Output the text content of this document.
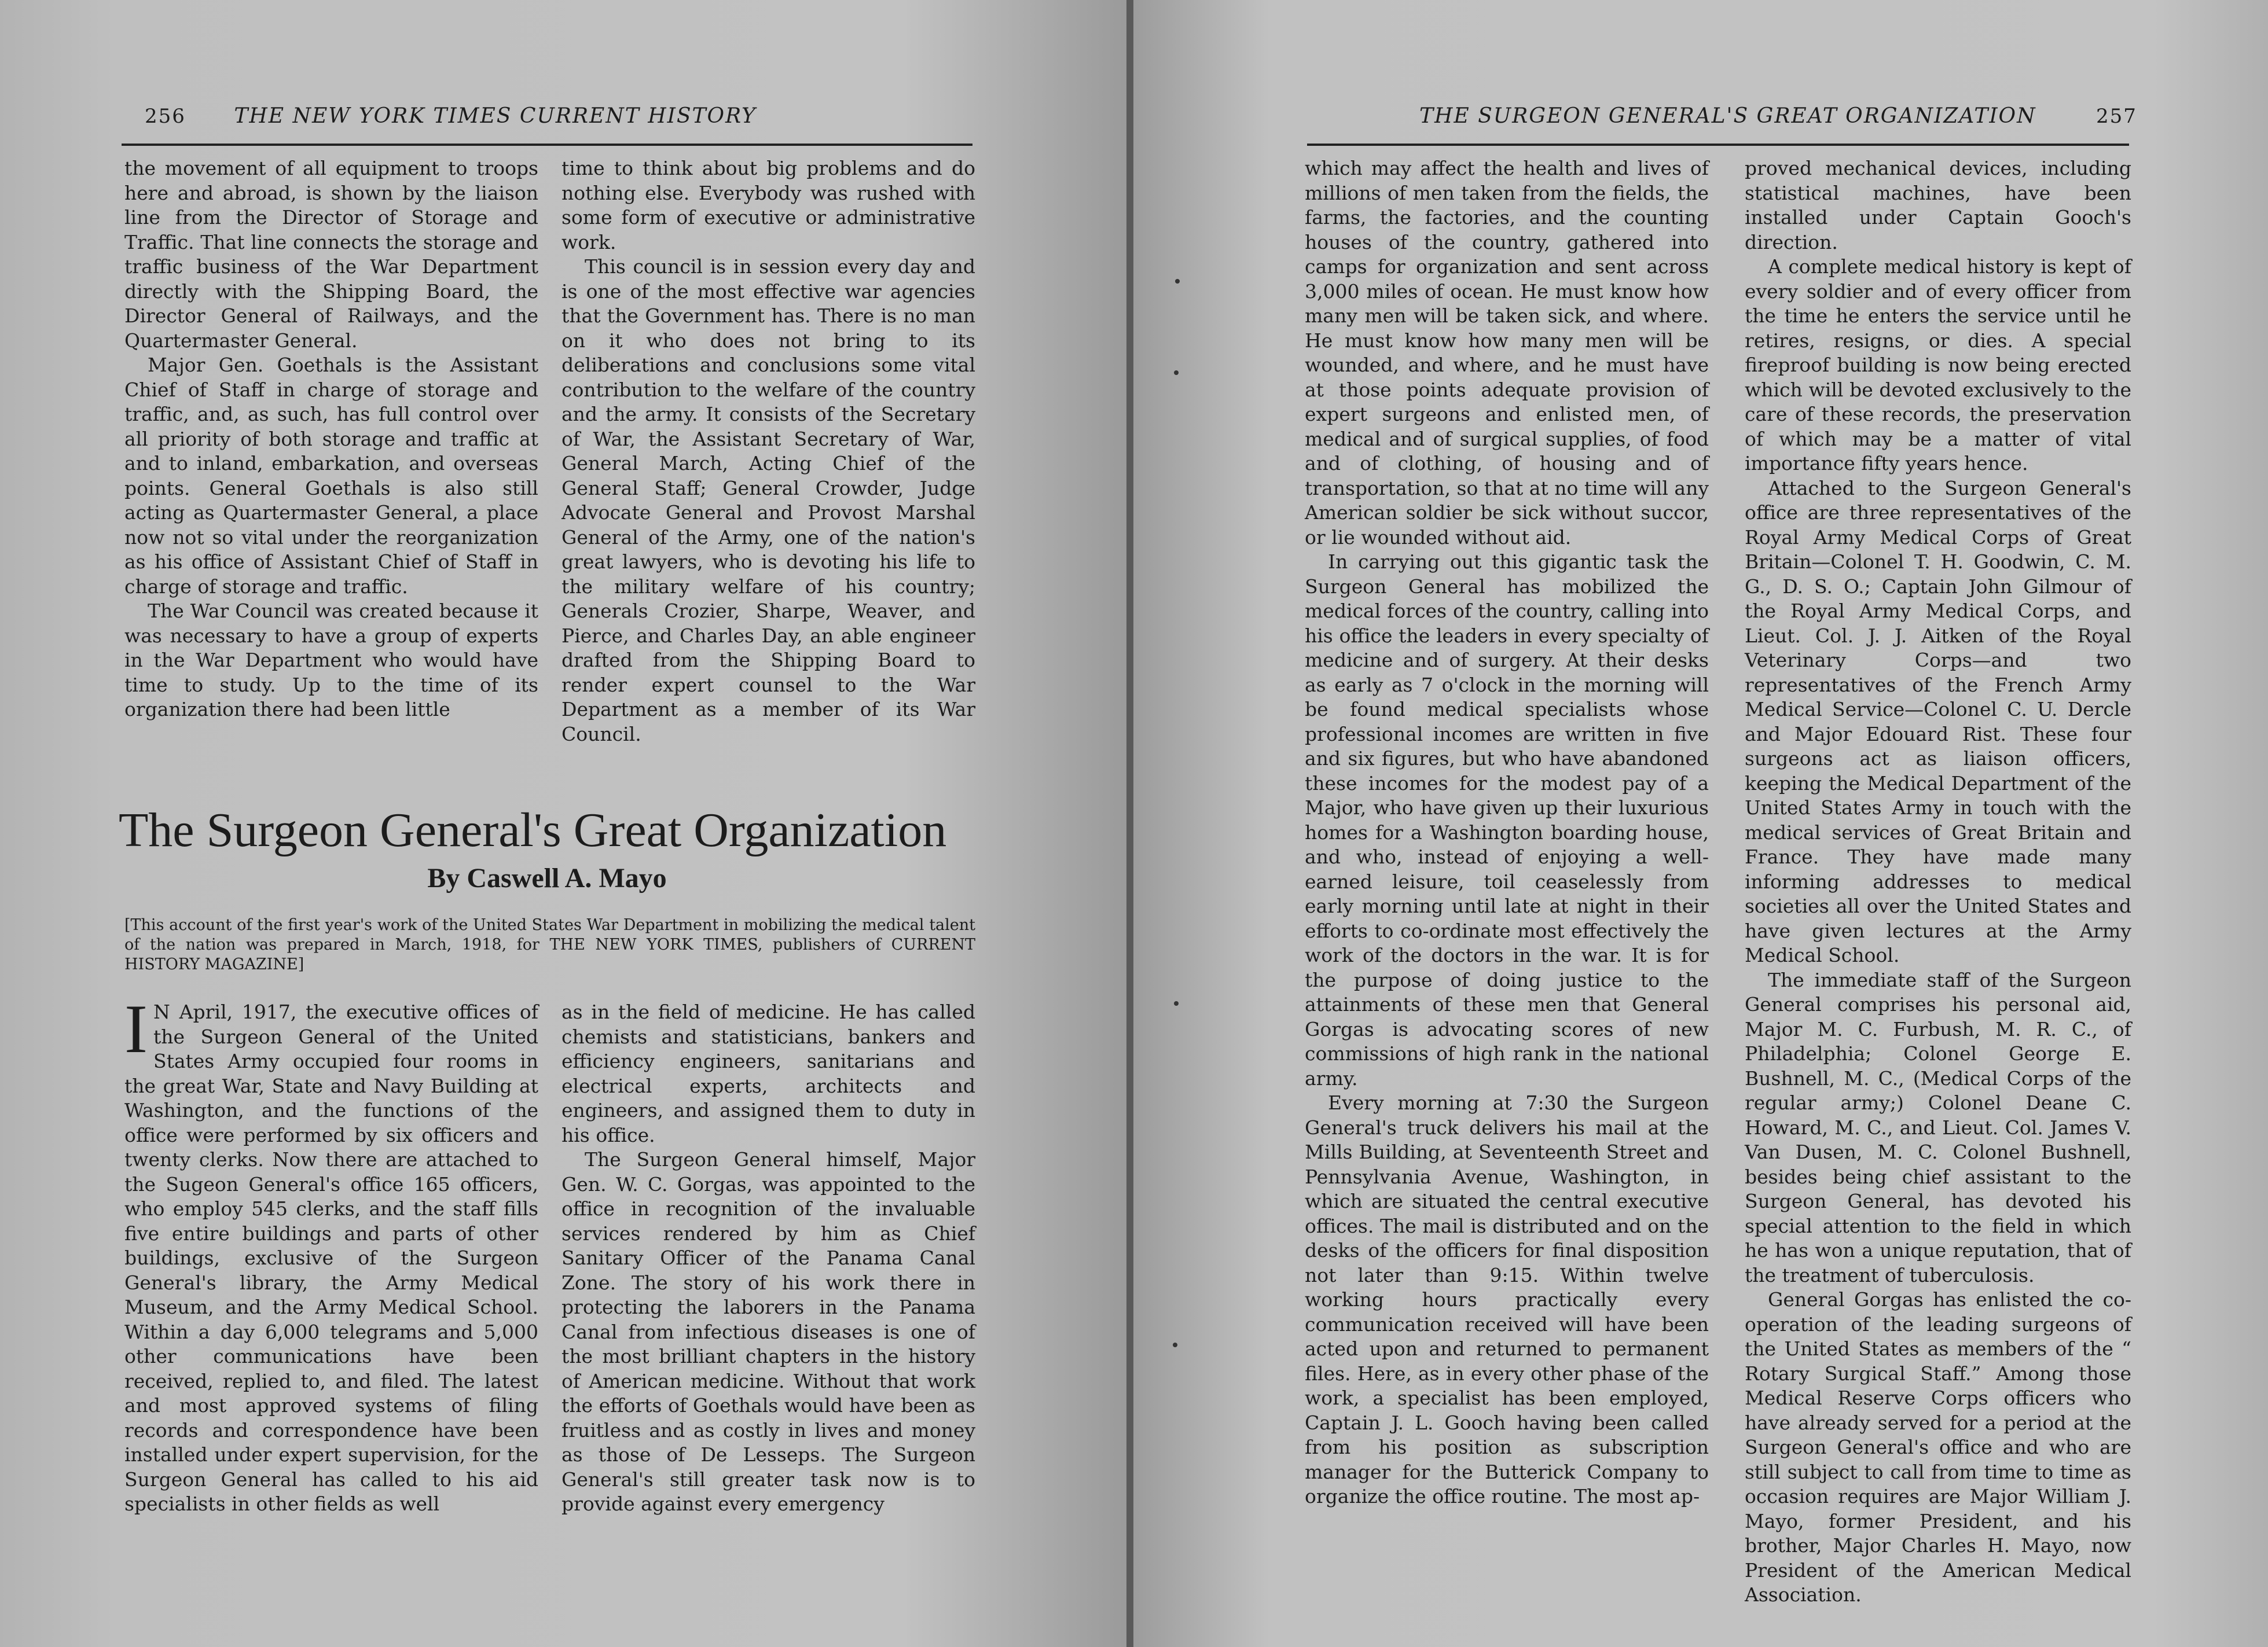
256 THE NEW YORK TIMES CURRENT HISTORY

the movement of all equipment to troops here and abroad, is shown by the liaison line from the Director of Storage and Traffic. That line connects the storage and traffic business of the War Department directly with the Shipping Board, the Director General of Railways, and the Quartermaster General.

Major Gen. Goethals is the Assistant Chief of Staff in charge of storage and traffic, and, as such, has full control over all priority of both storage and traffic at and to inland, embarkation, and overseas points. General Goethals is also still acting as Quartermaster General, a place now not so vital under the reorganization as his office of Assistant Chief of Staff in charge of storage and traffic.

The War Council was created because it was necessary to have a group of experts in the War Department who would have time to study. Up to the time of its organization there had been little

time to think about big problems and do nothing else. Everybody was rushed with some form of executive or administrative work.

This council is in session every day and is one of the most effective war agencies that the Government has. There is no man on it who does not bring to its deliberations and conclusions some vital contribution to the welfare of the country and the army. It consists of the Secretary of War, the Assistant Secretary of War, General March, Acting Chief of the General Staff; General Crowder, Judge Advocate General and Provost Marshal General of the Army, one of the nation's great lawyers, who is devoting his life to the military welfare of his country; Generals Crozier, Sharpe, Weaver, and Pierce, and Charles Day, an able engineer drafted from the Shipping Board to render expert counsel to the War Department as a member of its War Council.

The Surgeon General's Great Organization
By Caswell A. Mayo
[This account of the first year's work of the United States War Department in mobilizing the medical talent of the nation was prepared in March, 1918, for THE NEW YORK TIMES, publishers of CURRENT HISTORY MAGAZINE]

I N April, 1917, the executive offices of the Surgeon General of the United States Army occupied four rooms in the great War, State and Navy Building at Washington, and the functions of the office were performed by six officers and twenty clerks. Now there are attached to the Sugeon General's office 165 officers, who employ 545 clerks, and the staff fills five entire buildings and parts of other buildings, exclusive of the Surgeon General's library, the Army Medical Museum, and the Army Medical School. Within a day 6,000 telegrams and 5,000 other communications have been received, replied to, and filed. The latest and most approved systems of filing records and correspondence have been installed under expert supervision, for the Surgeon General has called to his aid specialists in other fields as well

as in the field of medicine. He has called chemists and statisticians, bankers and efficiency engineers, sanitarians and electrical experts, architects and engineers, and assigned them to duty in his office.

The Surgeon General himself, Major Gen. W. C. Gorgas, was appointed to the office in recognition of the invaluable services rendered by him as Chief Sanitary Officer of the Panama Canal Zone. The story of his work there in protecting the laborers in the Panama Canal from infectious diseases is one of the most brilliant chapters in the history of American medicine. Without that work the efforts of Goethals would have been as fruitless and as costly in lives and money as those of De Lesseps. The Surgeon General's still greater task now is to provide against every emergency

THE SURGEON GENERAL'S GREAT ORGANIZATION	257

which may affect the health and lives of millions of men taken from the fields, the farms, the factories, and the counting houses of the country, gathered into camps for organization and sent across 3,000 miles of ocean. He must know how many men will be taken sick, and where. He must know how many men will be wounded, and where, and he must have at those points adequate provision of expert surgeons and enlisted men, of medical and of surgical supplies, of food and of clothing, of housing and of transportation, so that at no time will any American soldier be sick without succor, or lie wounded without aid.

In carrying out this gigantic task the Surgeon General has mobilized the medical forces of the country, calling into his office the leaders in every specialty of medicine and of surgery. At their desks as early as 7 o'clock in the morning will be found medical specialists whose professional incomes are written in five and six figures, but who have abandoned these incomes for the modest pay of a Major, who have given up their luxurious homes for a Washington boarding house, and who, instead of enjoying a well-earned leisure, toil ceaselessly from early morning until late at night in their efforts to co-ordinate most effectively the work of the doctors in the war. It is for the purpose of doing justice to the attainments of these men that General Gorgas is advocating scores of new commissions of high rank in the national army.

Every morning at 7:30 the Surgeon General's truck delivers his mail at the Mills Building, at Seventeenth Street and Pennsylvania Avenue, Washington, in which are situated the central executive offices. The mail is distributed and on the desks of the officers for final disposition not later than 9:15. Within twelve working hours practically every communication received will have been acted upon and returned to permanent files. Here, as in every other phase of the work, a specialist has been employed, Captain J. L. Gooch having been called from his position as subscription manager for the Butterick Company to organize the office routine. The most ap-

proved mechanical devices, including statistical machines, have been installed under Captain Gooch's direction.

A complete medical history is kept of every soldier and of every officer from the time he enters the service until he retires, resigns, or dies. A special fireproof building is now being erected which will be devoted exclusively to the care of these records, the preservation of which may be a matter of vital importance fifty years hence.

Attached to the Surgeon General's office are three representatives of the Royal Army Medical Corps of Great Britain—Colonel T. H. Goodwin, C. M. G., D. S. O.; Captain John Gilmour of the Royal Army Medical Corps, and Lieut. Col. J. J. Aitken of the Royal Veterinary Corps—and two representatives of the French Army Medical Service—Colonel C. U. Dercle and Major Edouard Rist. These four surgeons act as liaison officers, keeping the Medical Department of the United States Army in touch with the medical services of Great Britain and France. They have made many informing addresses to medical societies all over the United States and have given lectures at the Army Medical School.

The immediate staff of the Surgeon General comprises his personal aid, Major M. C. Furbush, M. R. C., of Philadelphia; Colonel George E. Bushnell, M. C., (Medical Corps of the regular army;) Colonel Deane C. Howard, M. C., and Lieut. Col. James V. Van Dusen, M. C. Colonel Bushnell, besides being chief assistant to the Surgeon General, has devoted his special attention to the field in which he has won a unique reputation, that of the treatment of tuberculosis.

General Gorgas has enlisted the co-operation of the leading surgeons of the United States as members of the “ Rotary Surgical Staff.” Among those Medical Reserve Corps officers who have already served for a period at the Surgeon General's office and who are still subject to call from time to time as occasion requires are Major William J. Mayo, former President, and his brother, Major Charles H. Mayo, now President of the American Medical Association.
